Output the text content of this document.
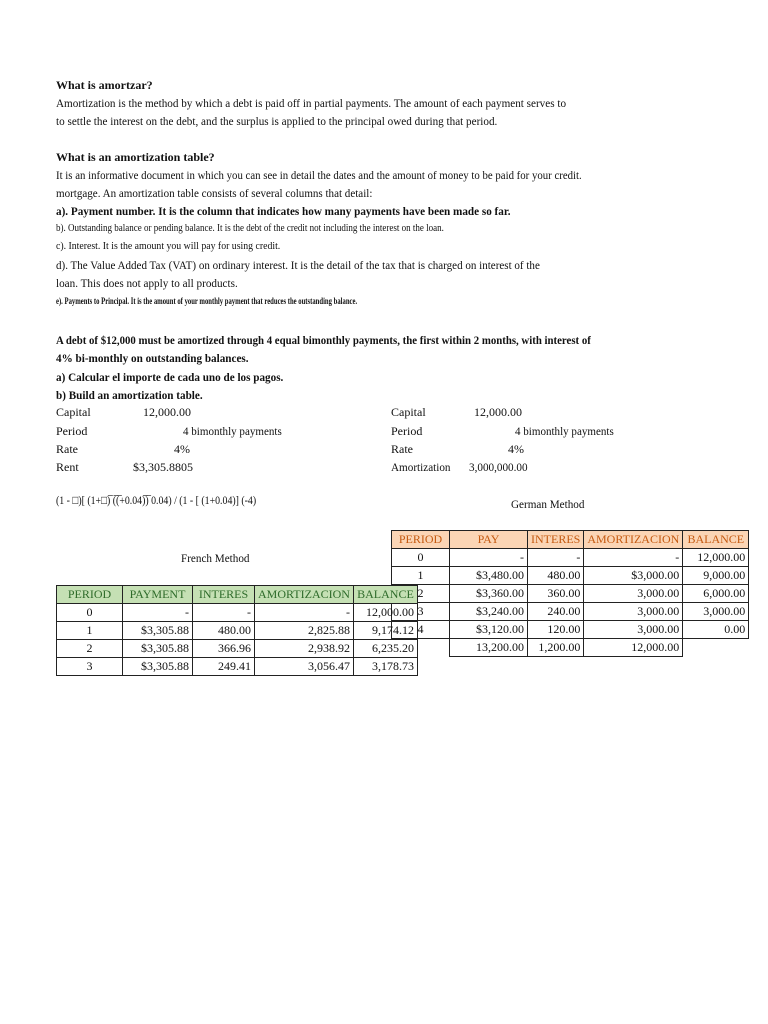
What is amortzar?
Amortization is the method by which a debt is paid off in partial payments. The amount of each payment serves to
to settle the interest on the debt, and the surplus is applied to the principal owed during that period.
What is an amortization table?
It is an informative document in which you can see in detail the dates and the amount of money to be paid for your credit.
mortgage. An amortization table consists of several columns that detail:
a). Payment number. It is the column that indicates how many payments have been made so far.
b). Outstanding balance or pending balance. It is the debt of the credit not including the interest on the loan.
c). Interest. It is the amount you will pay for using credit.
d). The Value Added Tax (VAT) on ordinary interest. It is the detail of the tax that is charged on interest of the
loan. This does not apply to all products.
e). Payments to Principal. It is the amount of your monthly payment that reduces the outstanding balance.
A debt of $12,000 must be amortized through 4 equal bimonthly payments, the first within 2 months, with interest of
4% bi-monthly on outstanding balances.
a) Calcular el importe de cada uno de los pagos.
b) Build an amortization table.
Capital	12,000.00
Period	4 bimonthly payments
Rate	4%
Rent	$3,305.8805
Capital	12,000.00
Period	4 bimonthly payments
Rate	4%
Amortization	3,000,000.00
(1 - □)[ (1+□)̅ (̅(̅+0.04)̅)̅ 0.04) / (1 - [ (1+0.04)] (-4)	German Method
French Method
PERIOD	PAY	INTERES	AMORTIZACION	BALANCE
0	-	-	-	12,000.00
1	$3,480.00	480.00	$3,000.00	9,000.00
2	$3,360.00	360.00	3,000.00	6,000.00
3	$3,240.00	240.00	3,000.00	3,000.00
4	$3,120.00	120.00	3,000.00	0.00
	13,200.00	1,200.00	12,000.00	
PERIOD	PAYMENT	INTERES	AMORTIZACION	BALANCE
0	-	-	-	12,000.00
1	$3,305.88	480.00	2,825.88	9,174.12
2	$3,305.88	366.96	2,938.92	6,235.20
3	$3,305.88	249.41	3,056.47	3,178.73
